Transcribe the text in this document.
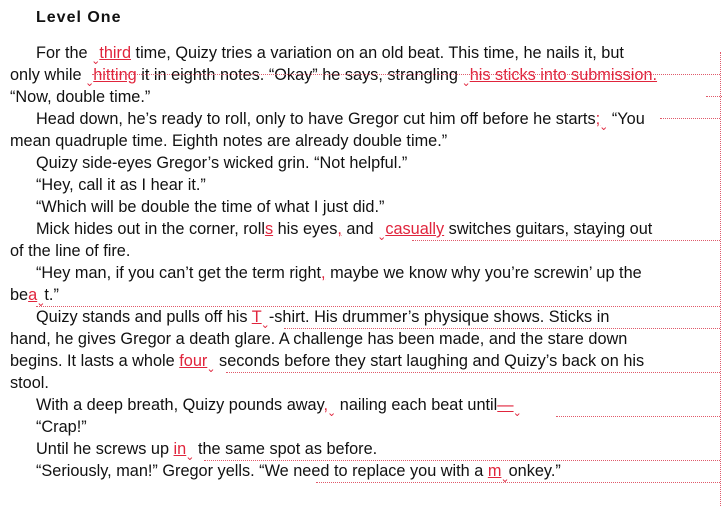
Level One
For the $_⌄$third time, Quizy tries a variation on an old beat. This time, he nails it, but
only while $_⌄$hitting it in eighth notes. “Okay” he says, strangling $_⌄$his sticks into submission.
“Now, double time.”
Head down, he’s ready to roll, only to have Gregor cut him off before he $starts;_⌄$ “You
mean quadruple time. Eighth notes are already double time.”
Quizy side-eyes Gregor’s wicked grin. “Not helpful.”
“Hey, call it as I hear it.”
“Which will be double the time of what I just did.”
Mick hides out in the corner, rolls his eyes, and $_⌄$casually switches guitars, staying out
of the line of fire.
“Hey man, if you can’t get the term right, maybe we know why you’re screwin’ up the
bea$_⌄$t.”
Quizy stands and pulls off his $T_⌄$-shirt. His drummer’s physique shows. Sticks in
hand, he gives Gregor a death glare. A challenge has been made, and the stare down
begins. It lasts a whole four$_⌄$ seconds before they start laughing and Quizy’s back on his
stool.
With a deep breath, Quizy pounds $away,_⌄$ nailing each beat $until—_⌄$
“Crap!”
Until he screws up $in_⌄$ the same spot as before.
“Seriously, man!” Gregor yells. “We need to replace you with a $m_⌄onkey$.”
